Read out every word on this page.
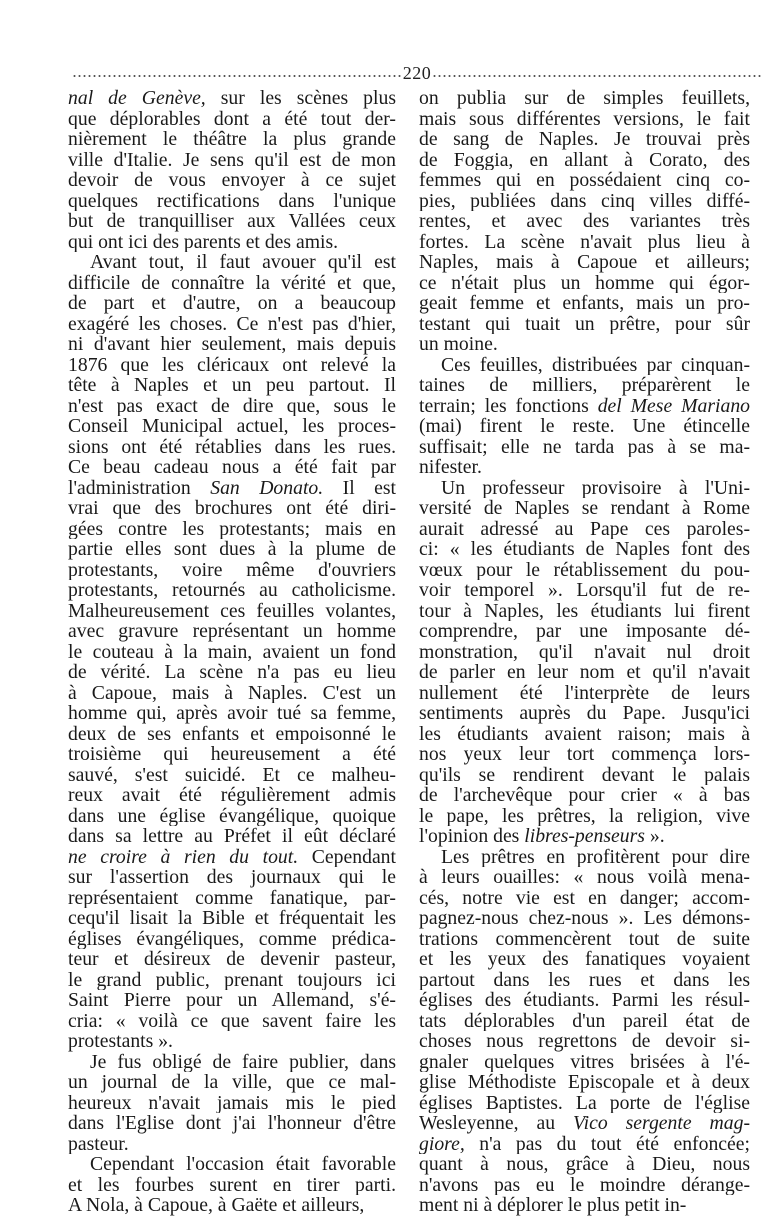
220

nal de Genève, sur les scènes plus

que déplorables dont a été tout der-

nièrement le théâtre la plus grande

ville d'Italie. Je sens qu'il est de mon

devoir de vous envoyer à ce sujet

quelques rectifications dans l'unique

but de tranquilliser aux Vallées ceux

qui ont ici des parents et des amis.

Avant tout, il faut avouer qu'il est

difficile de connaître la vérité et que,

de part et d'autre, on a beaucoup

exagéré les choses. Ce n'est pas d'hier,

ni d'avant hier seulement, mais depuis

1876 que les cléricaux ont relevé la

tête à Naples et un peu partout. Il

n'est pas exact de dire que, sous le

Conseil Municipal actuel, les proces-

sions ont été rétablies dans les rues.

Ce beau cadeau nous a été fait par

l'administration San Donato. Il est

vrai que des brochures ont été diri-

gées contre les protestants; mais en

partie elles sont dues à la plume de

protestants, voire même d'ouvriers

protestants, retournés au catholicisme.

Malheureusement ces feuilles volantes,

avec gravure représentant un homme

le couteau à la main, avaient un fond

de vérité. La scène n'a pas eu lieu

à Capoue, mais à Naples. C'est un

homme qui, après avoir tué sa femme,

deux de ses enfants et empoisonné le

troisième qui heureusement a été

sauvé, s'est suicidé. Et ce malheu-

reux avait été régulièrement admis

dans une église évangélique, quoique

dans sa lettre au Préfet il eût déclaré

ne croire à rien du tout. Cependant

sur l'assertion des journaux qui le

représentaient comme fanatique, par-

cequ'il lisait la Bible et fréquentait les

églises évangéliques, comme prédica-

teur et désireux de devenir pasteur,

le grand public, prenant toujours ici

Saint Pierre pour un Allemand, s'é-

cria: « voilà ce que savent faire les

protestants ».

Je fus obligé de faire publier, dans

un journal de la ville, que ce mal-

heureux n'avait jamais mis le pied

dans l'Eglise dont j'ai l'honneur d'être

pasteur.

Cependant l'occasion était favorable

et les fourbes surent en tirer parti.

A Nola, à Capoue, à Gaëte et ailleurs,

on publia sur de simples feuillets,

mais sous différentes versions, le fait

de sang de Naples. Je trouvai près

de Foggia, en allant à Corato, des

femmes qui en possédaient cinq co-

pies, publiées dans cinq villes diffé-

rentes, et avec des variantes très

fortes. La scène n'avait plus lieu à

Naples, mais à Capoue et ailleurs;

ce n'était plus un homme qui égor-

geait femme et enfants, mais un pro-

testant qui tuait un prêtre, pour sûr

un moine.

Ces feuilles, distribuées par cinquan-

taines de milliers, préparèrent le

terrain; les fonctions del Mese Mariano

(mai) firent le reste. Une étincelle

suffisait; elle ne tarda pas à se ma-

nifester.

Un professeur provisoire à l'Uni-

versité de Naples se rendant à Rome

aurait adressé au Pape ces paroles-

ci: « les étudiants de Naples font des

vœux pour le rétablissement du pou-

voir temporel ». Lorsqu'il fut de re-

tour à Naples, les étudiants lui firent

comprendre, par une imposante dé-

monstration, qu'il n'avait nul droit

de parler en leur nom et qu'il n'avait

nullement été l'interprète de leurs

sentiments auprès du Pape. Jusqu'ici

les étudiants avaient raison; mais à

nos yeux leur tort commença lors-

qu'ils se rendirent devant le palais

de l'archevêque pour crier « à bas

le pape, les prêtres, la religion, vive

l'opinion des libres-penseurs ».

Les prêtres en profitèrent pour dire

à leurs ouailles: « nous voilà mena-

cés, notre vie est en danger; accom-

pagnez-nous chez-nous ». Les démons-

trations commencèrent tout de suite

et les yeux des fanatiques voyaient

partout dans les rues et dans les

églises des étudiants. Parmi les résul-

tats déplorables d'un pareil état de

choses nous regrettons de devoir si-

gnaler quelques vitres brisées à l'é-

glise Méthodiste Episcopale et à deux

églises Baptistes. La porte de l'église

Wesleyenne, au Vico sergente mag-

giore, n'a pas du tout été enfoncée;

quant à nous, grâce à Dieu, nous

n'avons pas eu le moindre dérange-

ment ni à déplorer le plus petit in-
